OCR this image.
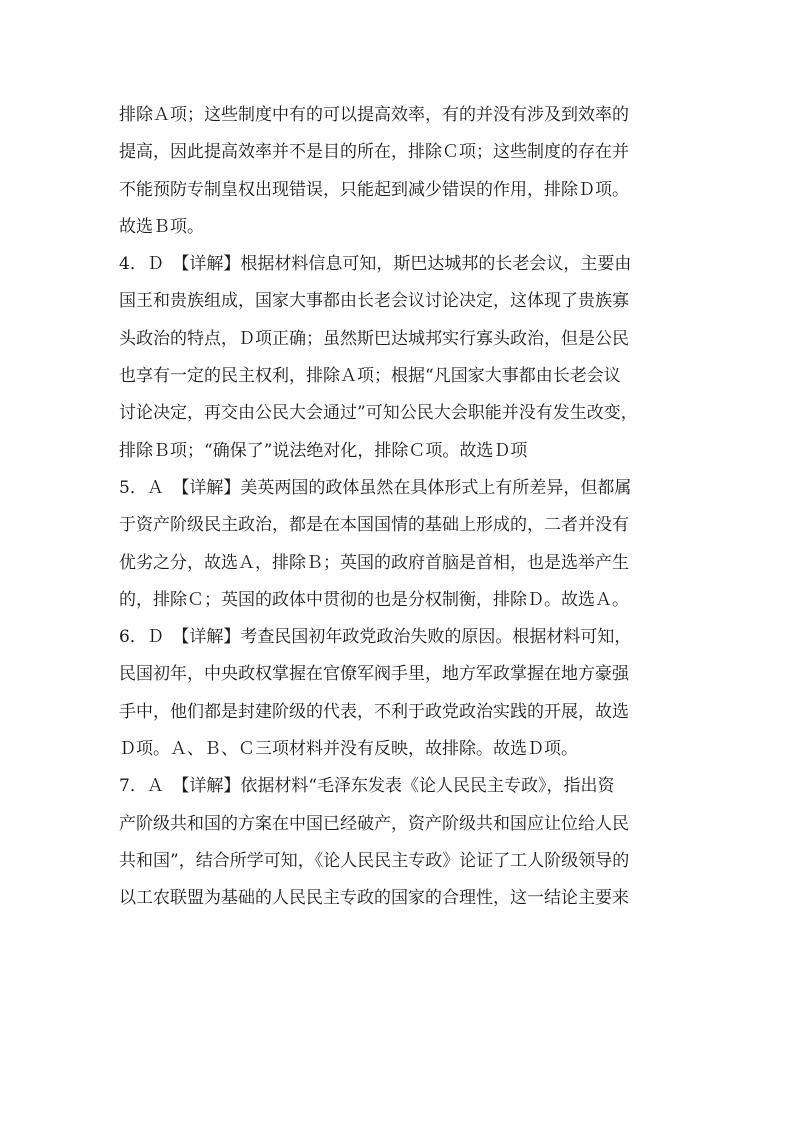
排除Ａ项；这些制度中有的可以提高效率，有的并没有涉及到效率的
提高，因此提高效率并不是目的所在，排除Ｃ项；这些制度的存在并
不能预防专制皇权出现错误，只能起到减少错误的作用，排除Ｄ项。
故选Ｂ项。
4．Ｄ　【详解】根据材料信息可知，斯巴达城邦的长老会议，主要由
国王和贵族组成，国家大事都由长老会议讨论决定，这体现了贵族寡
头政治的特点，Ｄ项正确；虽然斯巴达城邦实行寡头政治，但是公民
也享有一定的民主权利，排除Ａ项；根据“凡国家大事都由长老会议
讨论决定，再交由公民大会通过”可知公民大会职能并没有发生改变，
排除Ｂ项；“确保了”说法绝对化，排除Ｃ项。故选Ｄ项
5．Ａ　【详解】美英两国的政体虽然在具体形式上有所差异，但都属
于资产阶级民主政治，都是在本国国情的基础上形成的，二者并没有
优劣之分，故选Ａ，排除Ｂ；英国的政府首脑是首相，也是选举产生
的，排除Ｃ；英国的政体中贯彻的也是分权制衡，排除Ｄ。故选Ａ。
6．Ｄ　【详解】考查民国初年政党政治失败的原因。根据材料可知，
民国初年，中央政权掌握在官僚军阀手里，地方军政掌握在地方豪强
手中，他们都是封建阶级的代表，不利于政党政治实践的开展，故选
Ｄ项。Ａ、Ｂ、Ｃ三项材料并没有反映，故排除。故选Ｄ项。
7．Ａ　【详解】依据材料“毛泽东发表《论人民民主专政》，指出资
产阶级共和国的方案在中国已经破产，资产阶级共和国应让位给人民
共和国”，结合所学可知，《论人民民主专政》论证了工人阶级领导的
以工农联盟为基础的人民民主专政的国家的合理性，这一结论主要来
